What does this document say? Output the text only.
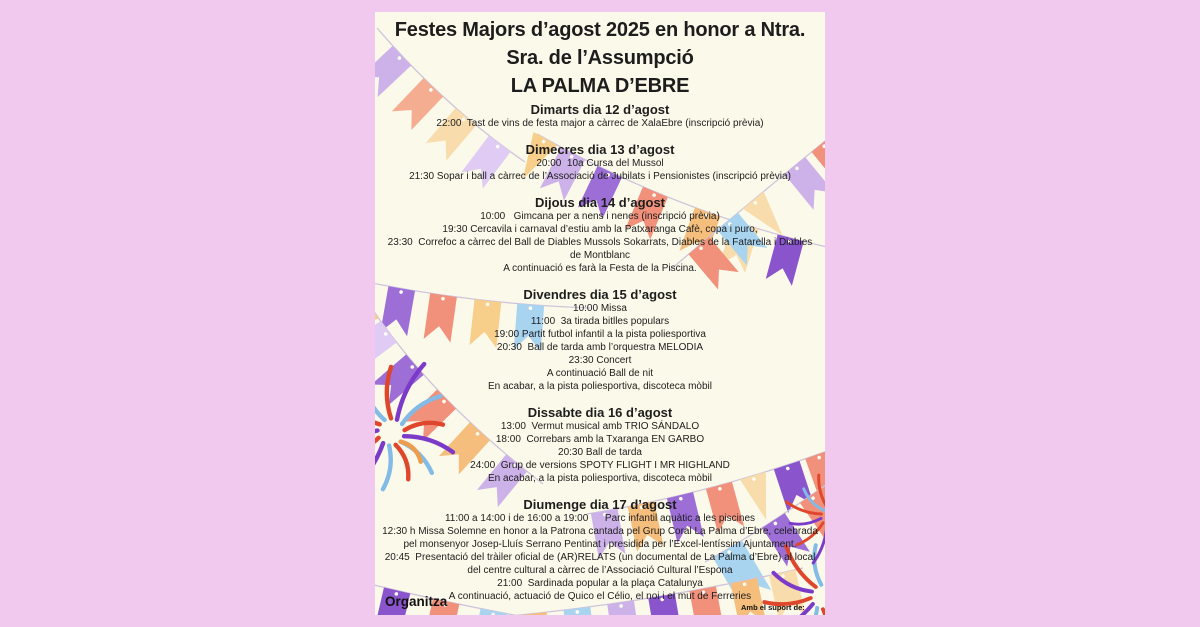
Festes Majors d’agost 2025 en honor a Ntra.
Sra. de l’Assumpció
LA PALMA D’EBRE
Dimarts dia 12 d’agost
22:00  Tast de vins de festa major a càrrec de XalaEbre (inscripció prèvia)
Dimecres dia 13 d’agost
20:00  10a Cursa del Mussol
21:30 Sopar i ball a càrrec de l’Associació de Jubilats i Pensionistes (inscripció prèvia)
Dijous dia 14 d’agost
10:00   Gimcana per a nens i nenes (inscripció prèvia)
19:30 Cercavila i carnaval d’estiu amb la Patxaranga Cafè, copa i puro,
23:30  Correfoc a càrrec del Ball de Diables Mussols Sokarrats, Diables de la Fatarella i Diables de Montblanc
A continuació es farà la Festa de la Piscina.
Divendres dia 15 d’agost
10:00 Missa
11:00  3a tirada bitlles populars
19:00 Partit futbol infantil a la pista poliesportiva
20:30  Ball de tarda amb l’orquestra MELODIA
23:30 Concert
A continuació Ball de nit
En acabar, a la pista poliesportiva, discoteca mòbil
Dissabte dia 16 d’agost
13:00  Vermut musical amb TRIO SÁNDALO
18:00  Correbars amb la Txaranga EN GARBO
20:30 Ball de tarda
24:00  Grup de versions SPOTY FLIGHT I MR HIGHLAND
En acabar, a la pista poliesportiva, discoteca mòbil
Diumenge dia 17 d’agost
11:00 a 14:00 i de 16:00 a 19:00      Parc infantil aquàtic a les piscines
12:30 h Missa Solemne en honor a la Patrona cantada pel Grup Coral La Palma d’Ebre, celebrada pel monsenyor Josep-Lluís Serrano Pentinat i presidida per l’Excel-lentíssim Ajuntament.
20:45  Presentació del tràiler oficial de (AR)RELATS (un documental de La Palma d’Ebre) al local del centre cultural a càrrec de l’Associació Cultural l’Espona
21:00  Sardinada popular a la plaça Catalunya
A continuació, actuació de Quico el Célio, el noi i el mut de Ferreries
Organitza	Amb el suport de:
